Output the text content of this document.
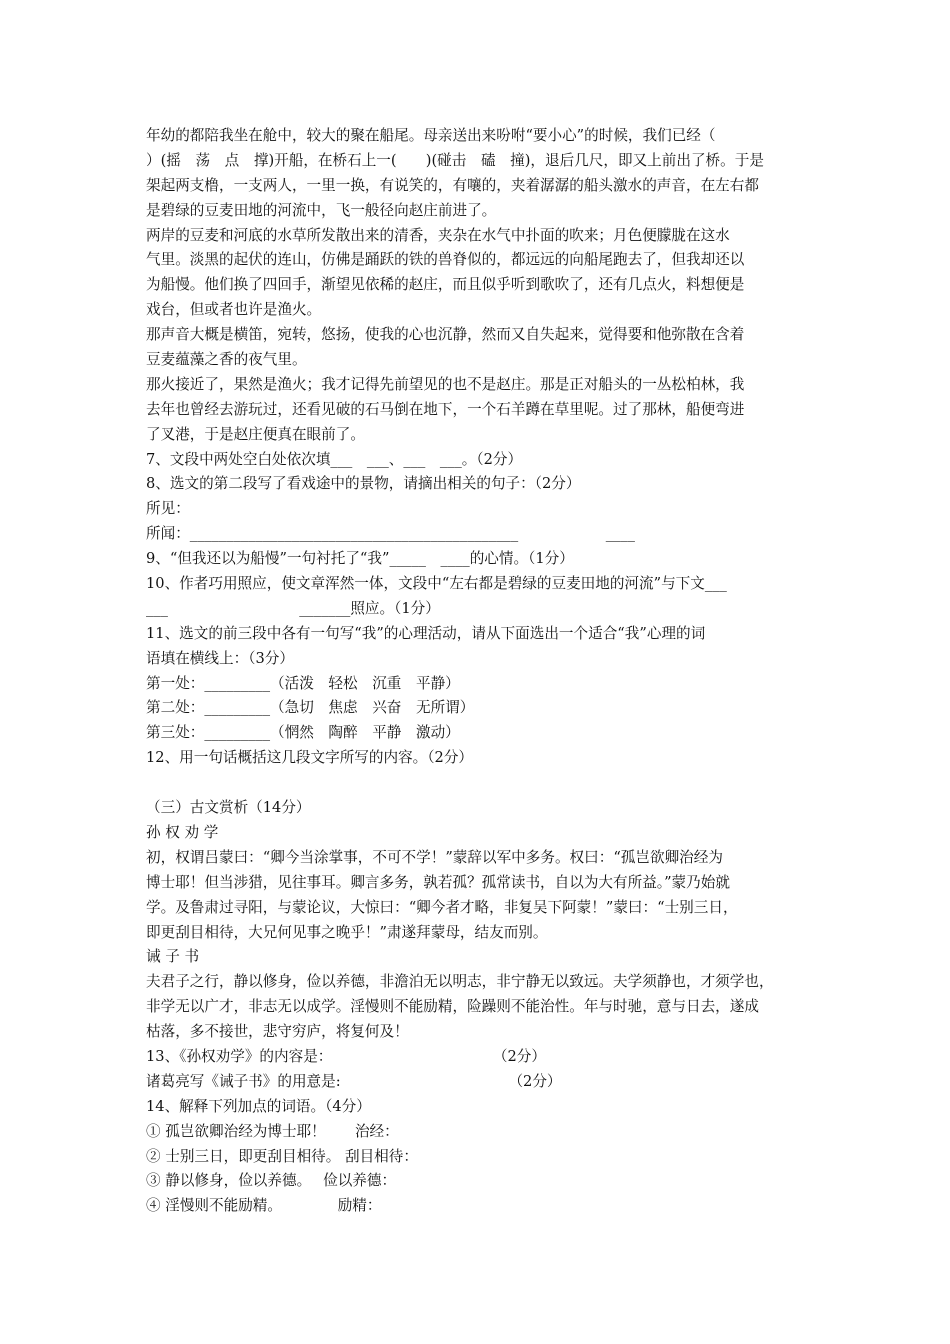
年幼的都陪我坐在舱中，较大的聚在船尾。母亲送出来吩咐“要小心”的时候，我们已经（
）(摇　荡　点　撑)开船，在桥石上一(　　)(碰击　磕　撞)，退后几尺，即又上前出了桥。于是
架起两支橹，一支两人，一里一换，有说笑的，有嚷的，夹着潺潺的船头激水的声音，在左右都
是碧绿的豆麦田地的河流中，飞一般径向赵庄前进了。
两岸的豆麦和河底的水草所发散出来的清香，夹杂在水气中扑面的吹来；月色便朦胧在这水
气里。淡黑的起伏的连山，仿佛是踊跃的铁的兽脊似的，都远远的向船尾跑去了，但我却还以
为船慢。他们换了四回手，渐望见依稀的赵庄，而且似乎听到歌吹了，还有几点火，料想便是
戏台，但或者也许是渔火。
那声音大概是横笛，宛转，悠扬，使我的心也沉静，然而又自失起来，觉得要和他弥散在含着
豆麦蕴藻之香的夜气里。
那火接近了，果然是渔火；我才记得先前望见的也不是赵庄。那是正对船头的一丛松柏林，我
去年也曾经去游玩过，还看见破的石马倒在地下，一个石羊蹲在草里呢。过了那林，船便弯进
了叉港，于是赵庄便真在眼前了。
7、文段中两处空白处依次填___　___、___　___。（2分）
8、选文的第二段写了看戏途中的景物，请摘出相关的句子：（2分）
所见：
所闻：_____________________________________________　　　　　　____
9、“但我还以为船慢”一句衬托了“我”_____　____的心情。（1分）
10、作者巧用照应，使文章浑然一体，文段中“左右都是碧绿的豆麦田地的河流”与下文___
___　　　　　　　　　_______照应。（1分）
11、选文的前三段中各有一句写“我”的心理活动，请从下面选出一个适合“我”心理的词
语填在横线上：（3分）
第一处：_________（活泼　轻松　沉重　平静）
第二处：_________（急切　焦虑　兴奋　无所谓）
第三处：_________（惘然　陶醉　平静　激动）
12、用一句话概括这几段文字所写的内容。（2分）
（三）古文赏析（14分）
孙 权 劝 学
初，权谓吕蒙曰：“卿今当涂掌事，不可不学！”蒙辞以军中多务。权曰：“孤岂欲卿治经为
博士耶！但当涉猎，见往事耳。卿言多务，孰若孤？孤常读书，自以为大有所益。”蒙乃始就
学。及鲁肃过寻阳，与蒙论议，大惊曰：“卿今者才略，非复吴下阿蒙！”蒙曰：“士别三日，
即更刮目相待，大兄何见事之晚乎！”肃遂拜蒙母，结友而别。
诫 子 书
夫君子之行，静以修身，俭以养德，非澹泊无以明志，非宁静无以致远。夫学须静也，才须学也，
非学无以广才，非志无以成学。淫慢则不能励精，险躁则不能治性。年与时驰，意与日去，遂成
枯落，多不接世，悲守穷庐，将复何及！
13、《孙权劝学》的内容是：　　　　　　　　　　　　（2分）
诸葛亮写《诫子书》的用意是:　　　　　　　　　　　　（2分）
14、解释下列加点的词语。（4分）
① 孤岂欲卿治经为博士耶！　　治经：
② 士别三日，即更刮目相待。 刮目相待：
③ 静以修身，俭以养德。　 俭以养德：
④ 淫慢则不能励精。　　　　 励精：
